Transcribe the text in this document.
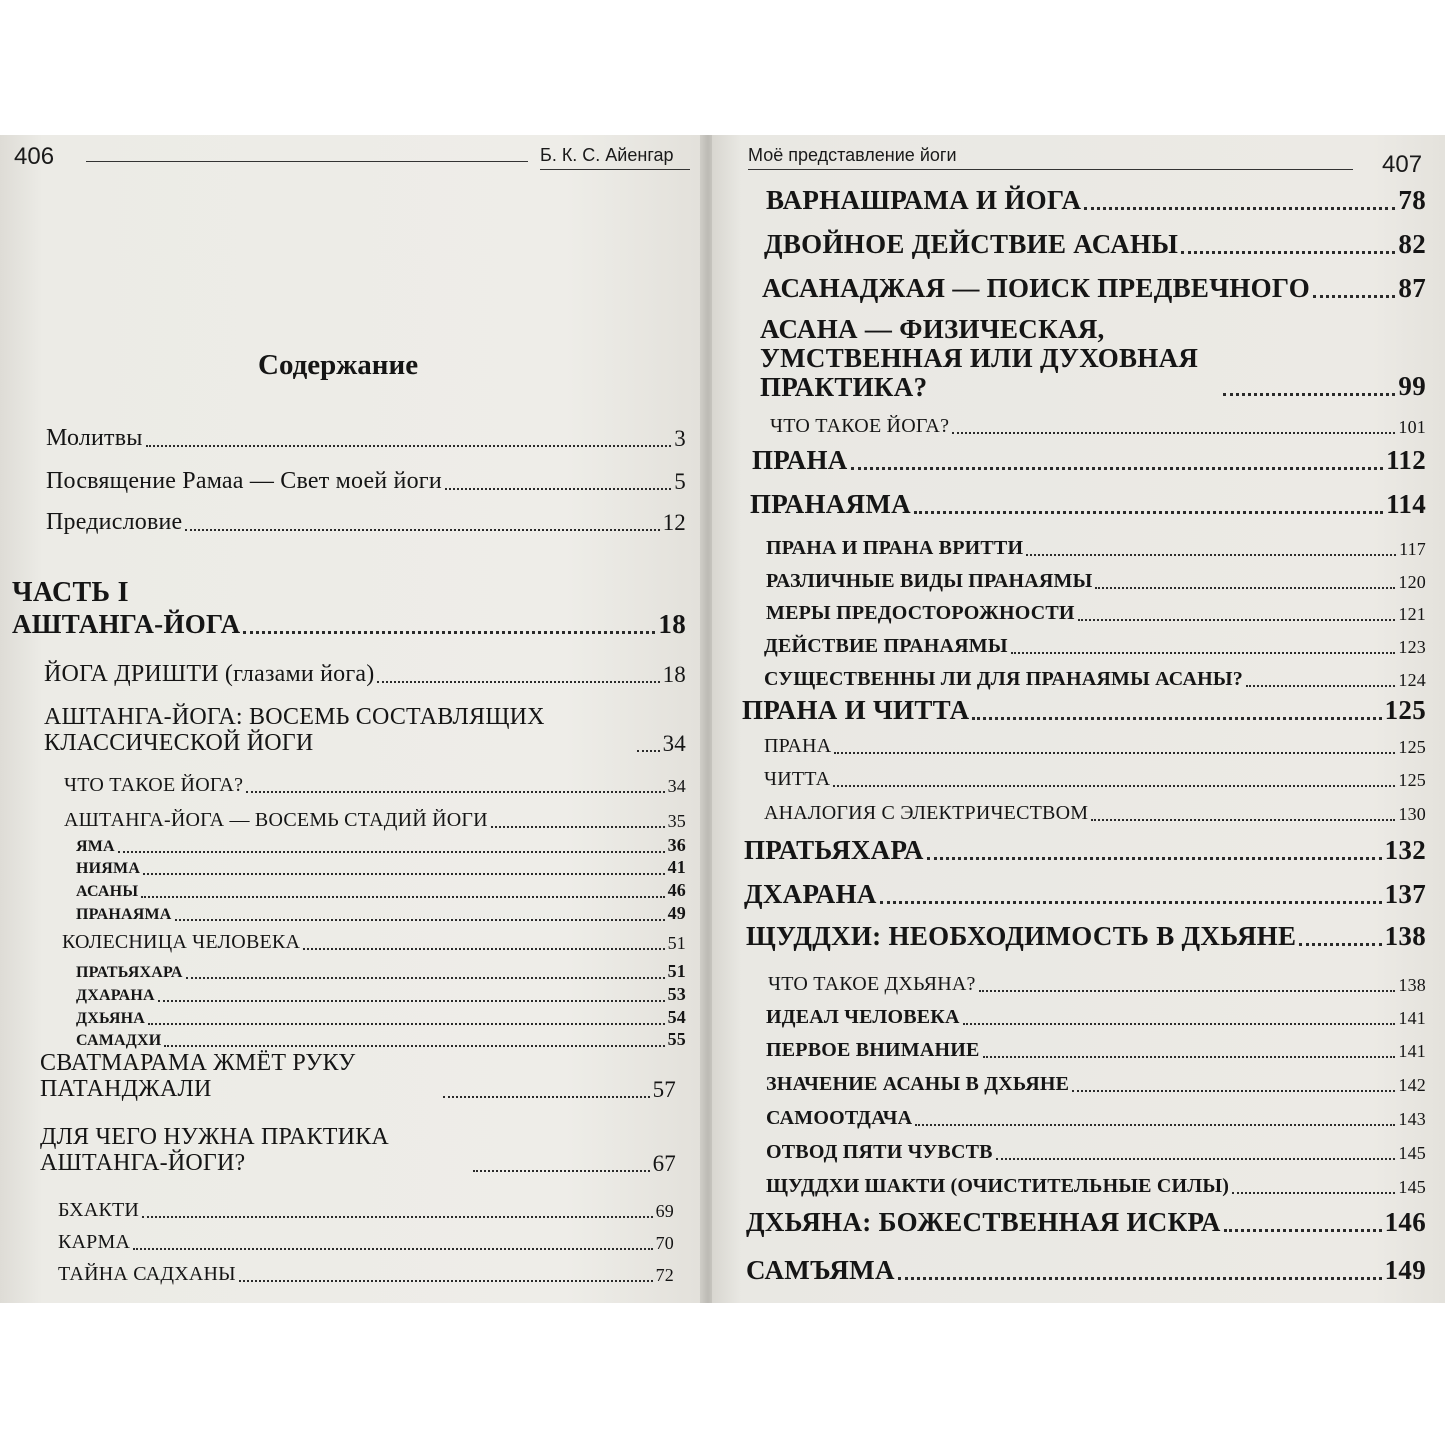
406	Б. К. С. Айенгар
Содержание
Молитвы	3
Посвящение Рамаа — Свет моей йоги	5
Предисловие	12
ЧАСТЬ I
АШТАНГА-ЙОГА	18
ЙОГА ДРИШТИ (глазами йога)	18
АШТАНГА-ЙОГА: ВОСЕМЬ СОСТАВЛЯЩИХ КЛАССИЧЕСКОЙ ЙОГИ	34
ЧТО ТАКОЕ ЙОГА?	34
АШТАНГА-ЙОГА — ВОСЕМЬ СТАДИЙ ЙОГИ	35
ЯМА	36
НИЯМА	41
АСАНЫ	46
ПРАНАЯМА	49
КОЛЕСНИЦА ЧЕЛОВЕКА	51
ПРАТЬЯХАРА	51
ДХАРАНА	53
ДХЬЯНА	54
САМАДХИ	55
СВАТМАРАМА ЖМЁТ РУКУ ПАТАНДЖАЛИ	57
ДЛЯ ЧЕГО НУЖНА ПРАКТИКА АШТАНГА-ЙОГИ?	67
БХАКТИ	69
КАРМА	70
ТАЙНА САДХАНЫ	72
Моё представление йоги	407
ВАРНАШРАМА И ЙОГА	78
ДВОЙНОЕ ДЕЙСТВИЕ АСАНЫ	82
АСАНАДЖАЯ — ПОИСК ПРЕДВЕЧНОГО	87
АСАНА — ФИЗИЧЕСКАЯ, УМСТВЕННАЯ ИЛИ ДУХОВНАЯ ПРАКТИКА?	99
ЧТО ТАКОЕ ЙОГА?	101
ПРАНА	112
ПРАНАЯМА	114
ПРАНА И ПРАНА ВРИТТИ	117
РАЗЛИЧНЫЕ ВИДЫ ПРАНАЯМЫ	120
МЕРЫ ПРЕДОСТОРОЖНОСТИ	121
ДЕЙСТВИЕ ПРАНАЯМЫ	123
СУЩЕСТВЕННЫ ЛИ ДЛЯ ПРАНАЯМЫ АСАНЫ?	124
ПРАНА И ЧИТТА	125
ПРАНА	125
ЧИТТА	125
АНАЛОГИЯ С ЭЛЕКТРИЧЕСТВОМ	130
ПРАТЬЯХАРА	132
ДХАРАНА	137
ЩУДДХИ: НЕОБХОДИМОСТЬ В ДХЬЯНЕ	138
ЧТО ТАКОЕ ДХЬЯНА?	138
ИДЕАЛ ЧЕЛОВЕКА	141
ПЕРВОЕ ВНИМАНИЕ	141
ЗНАЧЕНИЕ АСАНЫ В ДХЬЯНЕ	142
САМООТДАЧА	143
ОТВОД ПЯТИ ЧУВСТВ	145
ЩУДДХИ ШАКТИ (ОЧИСТИТЕЛЬНЫЕ СИЛЫ)	145
ДХЬЯНА: БОЖЕСТВЕННАЯ ИСКРА	146
САМЪЯМА	149
